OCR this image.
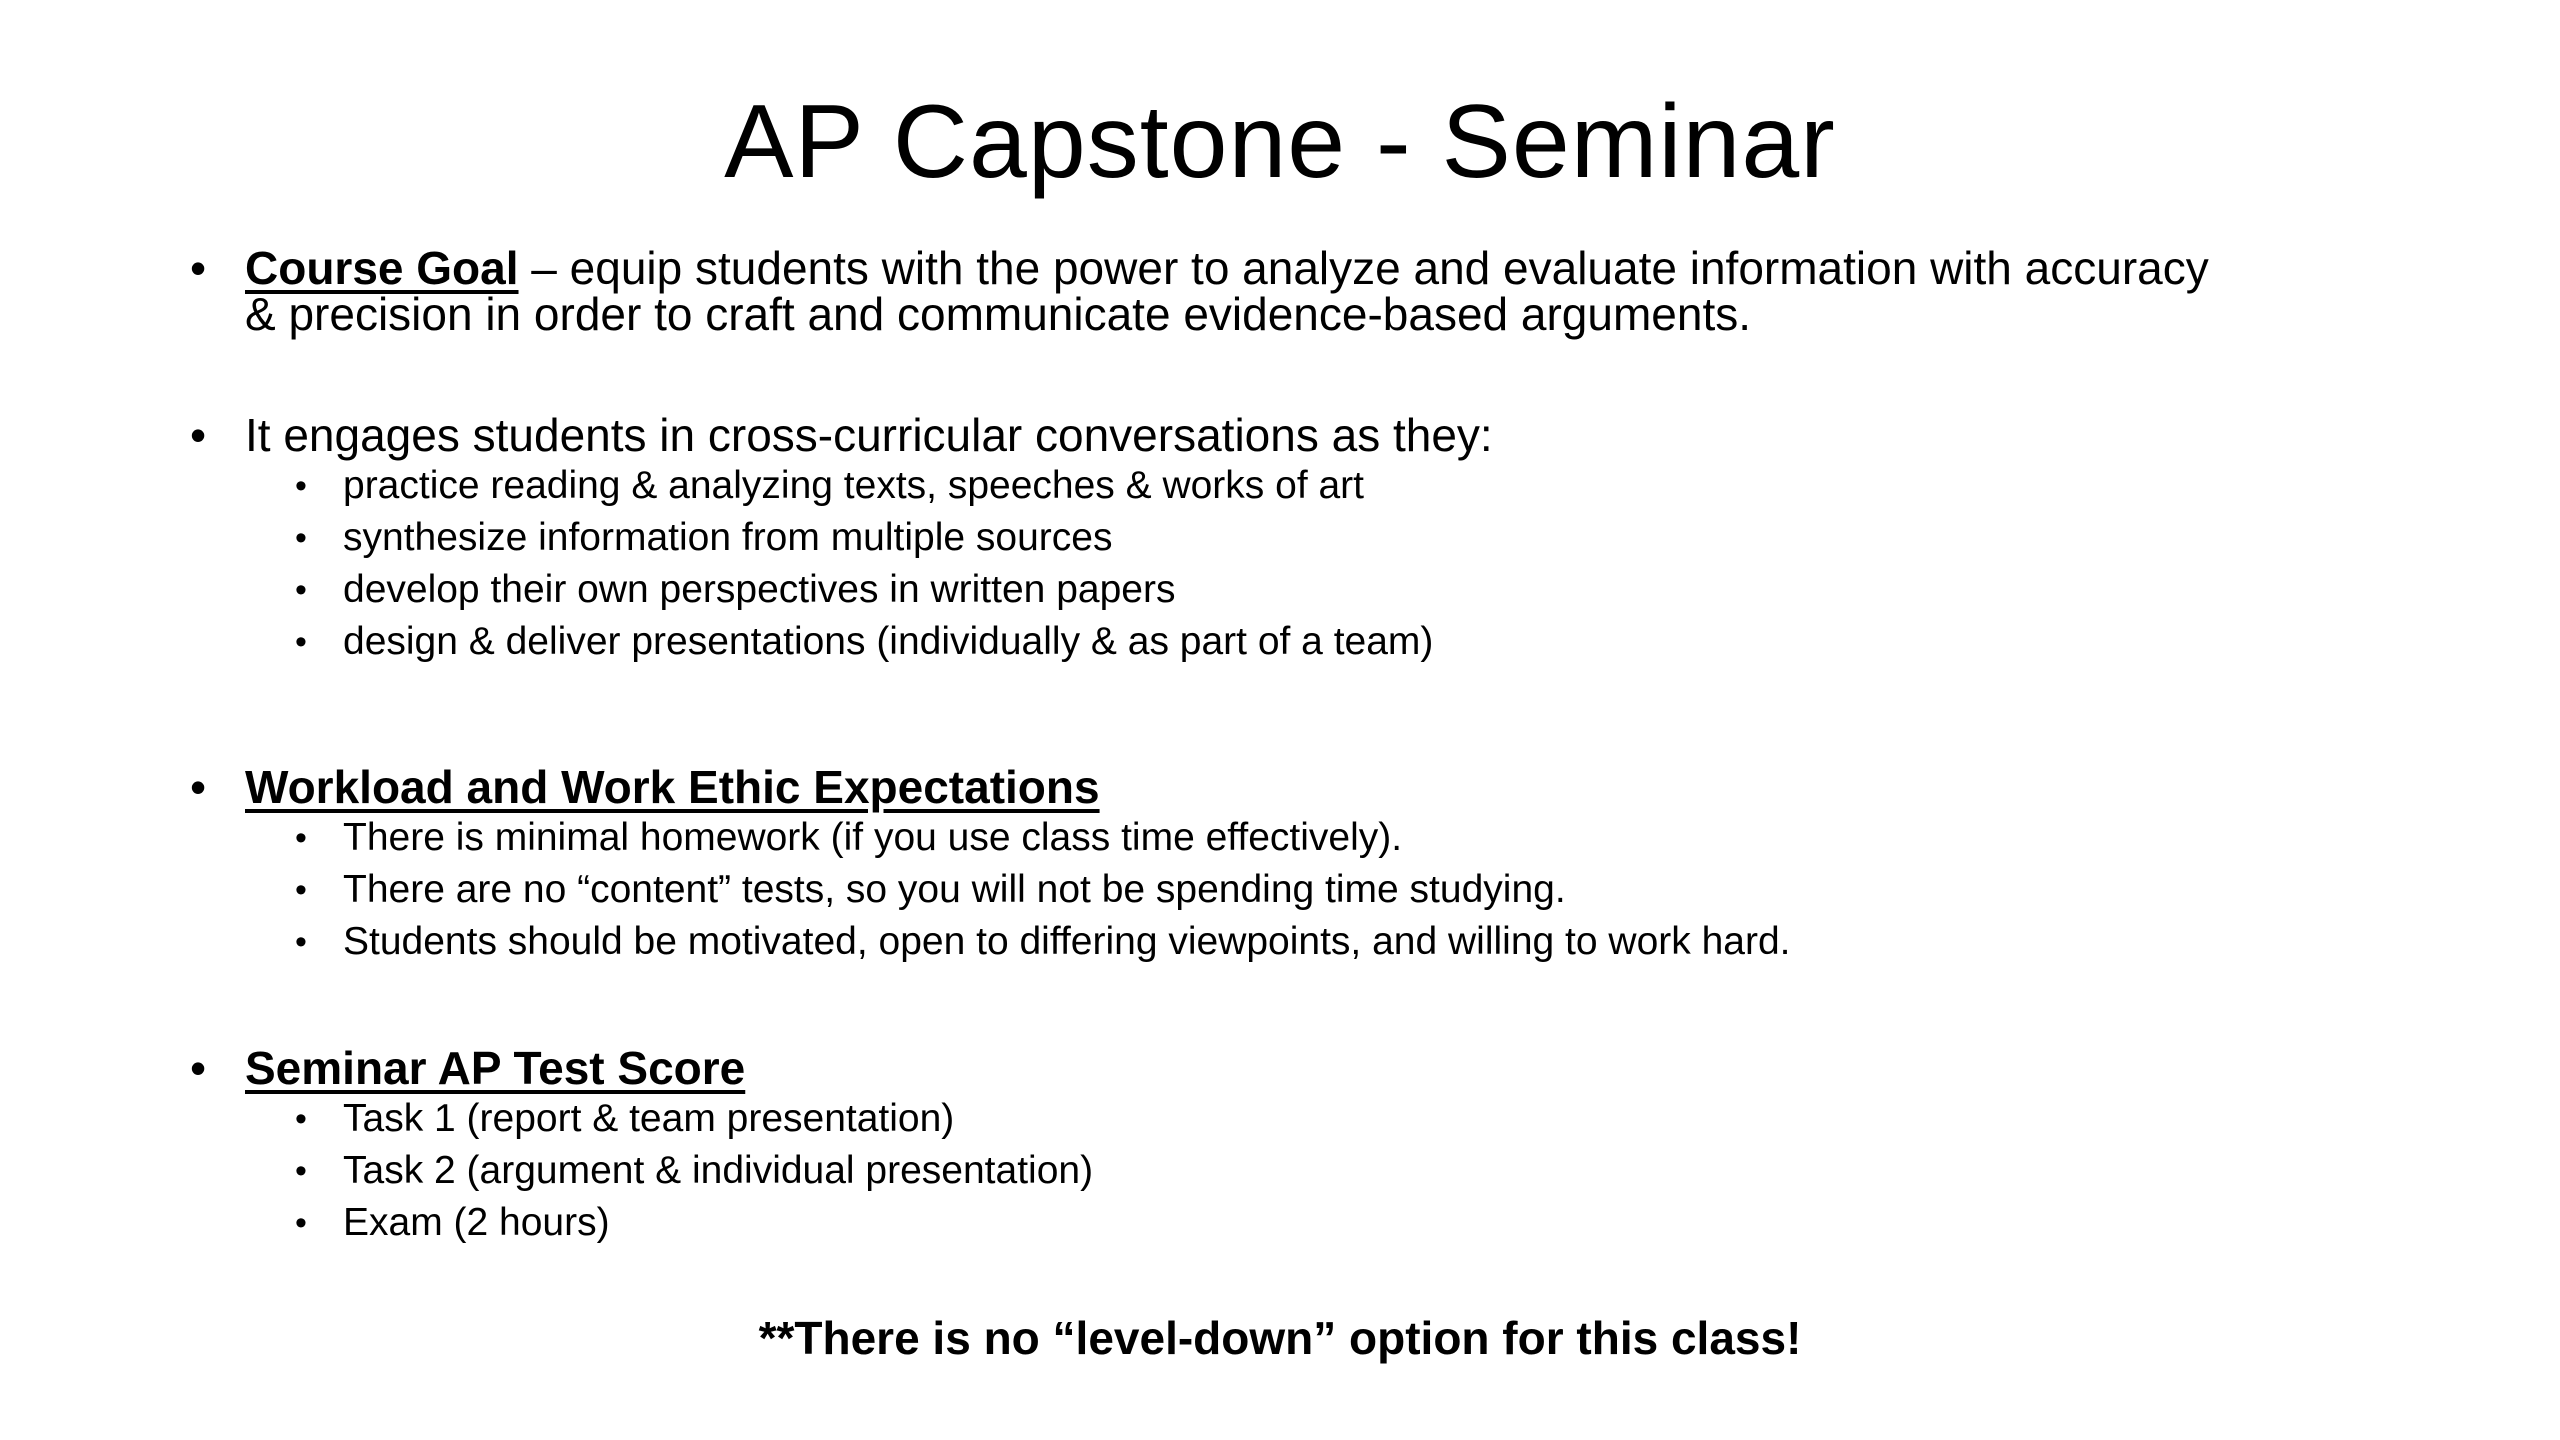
AP Capstone - Seminar
• Course Goal – equip students with the power to analyze and evaluate information with accuracy
& precision in order to craft and communicate evidence-based arguments.
• It engages students in cross-curricular conversations as they:
• practice reading & analyzing texts, speeches & works of art
• synthesize information from multiple sources
• develop their own perspectives in written papers
• design & deliver presentations (individually & as part of a team)
• Workload and Work Ethic Expectations
• There is minimal homework (if you use class time effectively).
• There are no “content” tests, so you will not be spending time studying.
• Students should be motivated, open to differing viewpoints, and willing to work hard.
• Seminar AP Test Score
• Task 1 (report & team presentation)
• Task 2 (argument & individual presentation)
• Exam (2 hours)
**There is no “level-down” option for this class!
